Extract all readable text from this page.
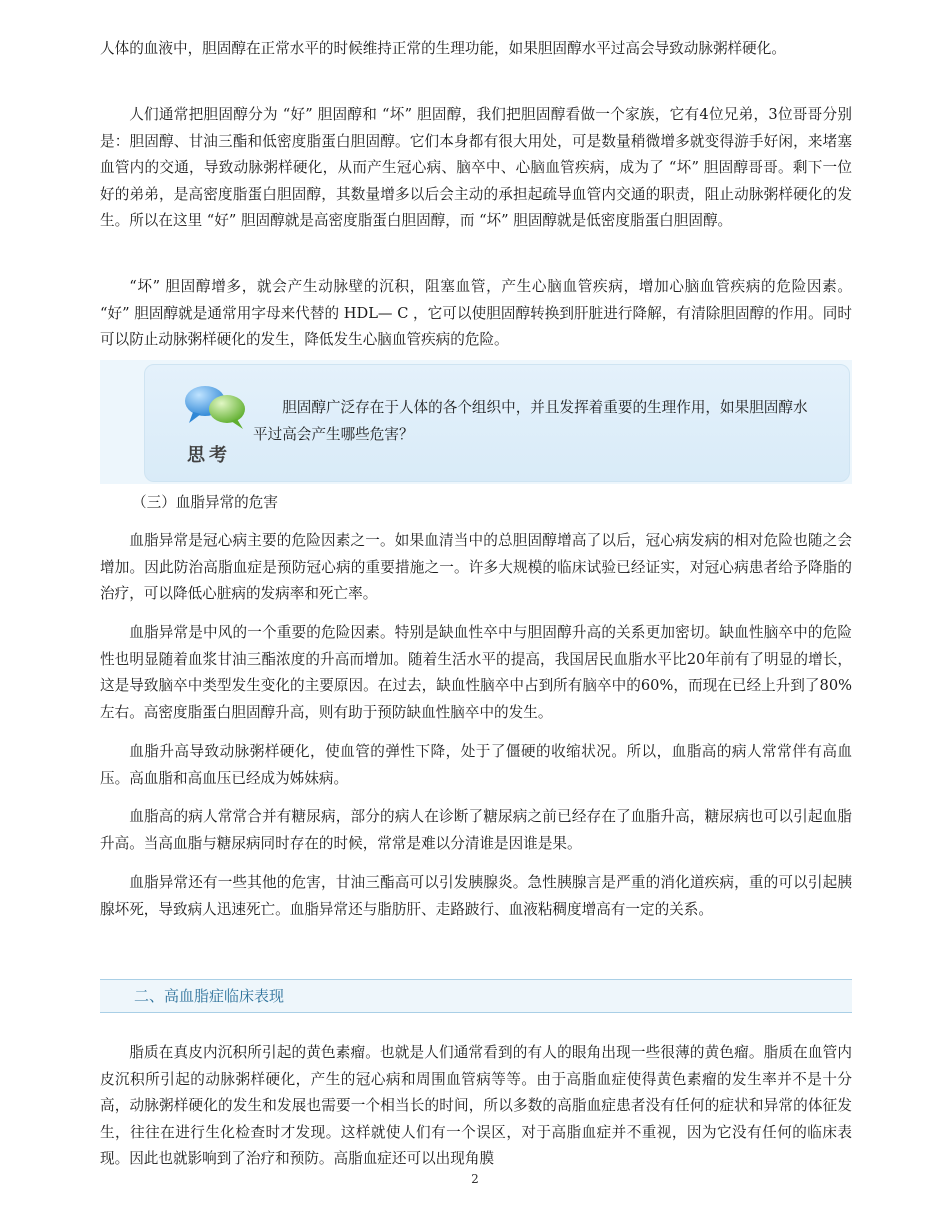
人体的血液中，胆固醇在正常水平的时候维持正常的生理功能，如果胆固醇水平过高会导致动脉粥样硬化。

人们通常把胆固醇分为 “好” 胆固醇和 “坏” 胆固醇，我们把胆固醇看做一个家族，它有4位兄弟，3位哥哥分别是：胆固醇、甘油三酯和低密度脂蛋白胆固醇。它们本身都有很大用处，可是数量稍微增多就变得游手好闲，来堵塞血管内的交通，导致动脉粥样硬化，从而产生冠心病、脑卒中、心脑血管疾病，成为了 “坏” 胆固醇哥哥。剩下一位好的弟弟，是高密度脂蛋白胆固醇，其数量增多以后会主动的承担起疏导血管内交通的职责，阻止动脉粥样硬化的发生。所以在这里 “好” 胆固醇就是高密度脂蛋白胆固醇，而 “坏” 胆固醇就是低密度脂蛋白胆固醇。

“坏” 胆固醇增多，就会产生动脉壁的沉积，阻塞血管，产生心脑血管疾病，增加心脑血管疾病的危险因素。 “好” 胆固醇就是通常用字母来代替的 HDL— C ，它可以使胆固醇转换到肝脏进行降解，有清除胆固醇的作用。同时可以防止动脉粥样硬化的发生，降低发生心脑血管疾病的危险。

思考

胆固醇广泛存在于人体的各个组织中，并且发挥着重要的生理作用，如果胆固醇水平过高会产生哪些危害？

（三）血脂异常的危害

血脂异常是冠心病主要的危险因素之一。如果血清当中的总胆固醇增高了以后，冠心病发病的相对危险也随之会增加。因此防治高脂血症是预防冠心病的重要措施之一。许多大规模的临床试验已经证实，对冠心病患者给予降脂的治疗，可以降低心脏病的发病率和死亡率。

血脂异常是中风的一个重要的危险因素。特别是缺血性卒中与胆固醇升高的关系更加密切。缺血性脑卒中的危险性也明显随着血浆甘油三酯浓度的升高而增加。随着生活水平的提高，我国居民血脂水平比20年前有了明显的增长，这是导致脑卒中类型发生变化的主要原因。在过去，缺血性脑卒中占到所有脑卒中的60%，而现在已经上升到了80%左右。高密度脂蛋白胆固醇升高，则有助于预防缺血性脑卒中的发生。

血脂升高导致动脉粥样硬化，使血管的弹性下降，处于了僵硬的收缩状况。所以，血脂高的病人常常伴有高血压。高血脂和高血压已经成为姊妹病。

血脂高的病人常常合并有糖尿病，部分的病人在诊断了糖尿病之前已经存在了血脂升高，糖尿病也可以引起血脂升高。当高血脂与糖尿病同时存在的时候，常常是难以分清谁是因谁是果。

血脂异常还有一些其他的危害，甘油三酯高可以引发胰腺炎。急性胰腺言是严重的消化道疾病，重的可以引起胰腺坏死，导致病人迅速死亡。血脂异常还与脂肪肝、走路跛行、血液粘稠度增高有一定的关系。

二、高血脂症临床表现

脂质在真皮内沉积所引起的黄色素瘤。也就是人们通常看到的有人的眼角出现一些很薄的黄色瘤。脂质在血管内皮沉积所引起的动脉粥样硬化，产生的冠心病和周围血管病等等。由于高脂血症使得黄色素瘤的发生率并不是十分高，动脉粥样硬化的发生和发展也需要一个相当长的时间，所以多数的高脂血症患者没有任何的症状和异常的体征发生，往往在进行生化检查时才发现。这样就使人们有一个误区，对于高脂血症并不重视，因为它没有任何的临床表现。因此也就影响到了治疗和预防。高脂血症还可以出现角膜

2
